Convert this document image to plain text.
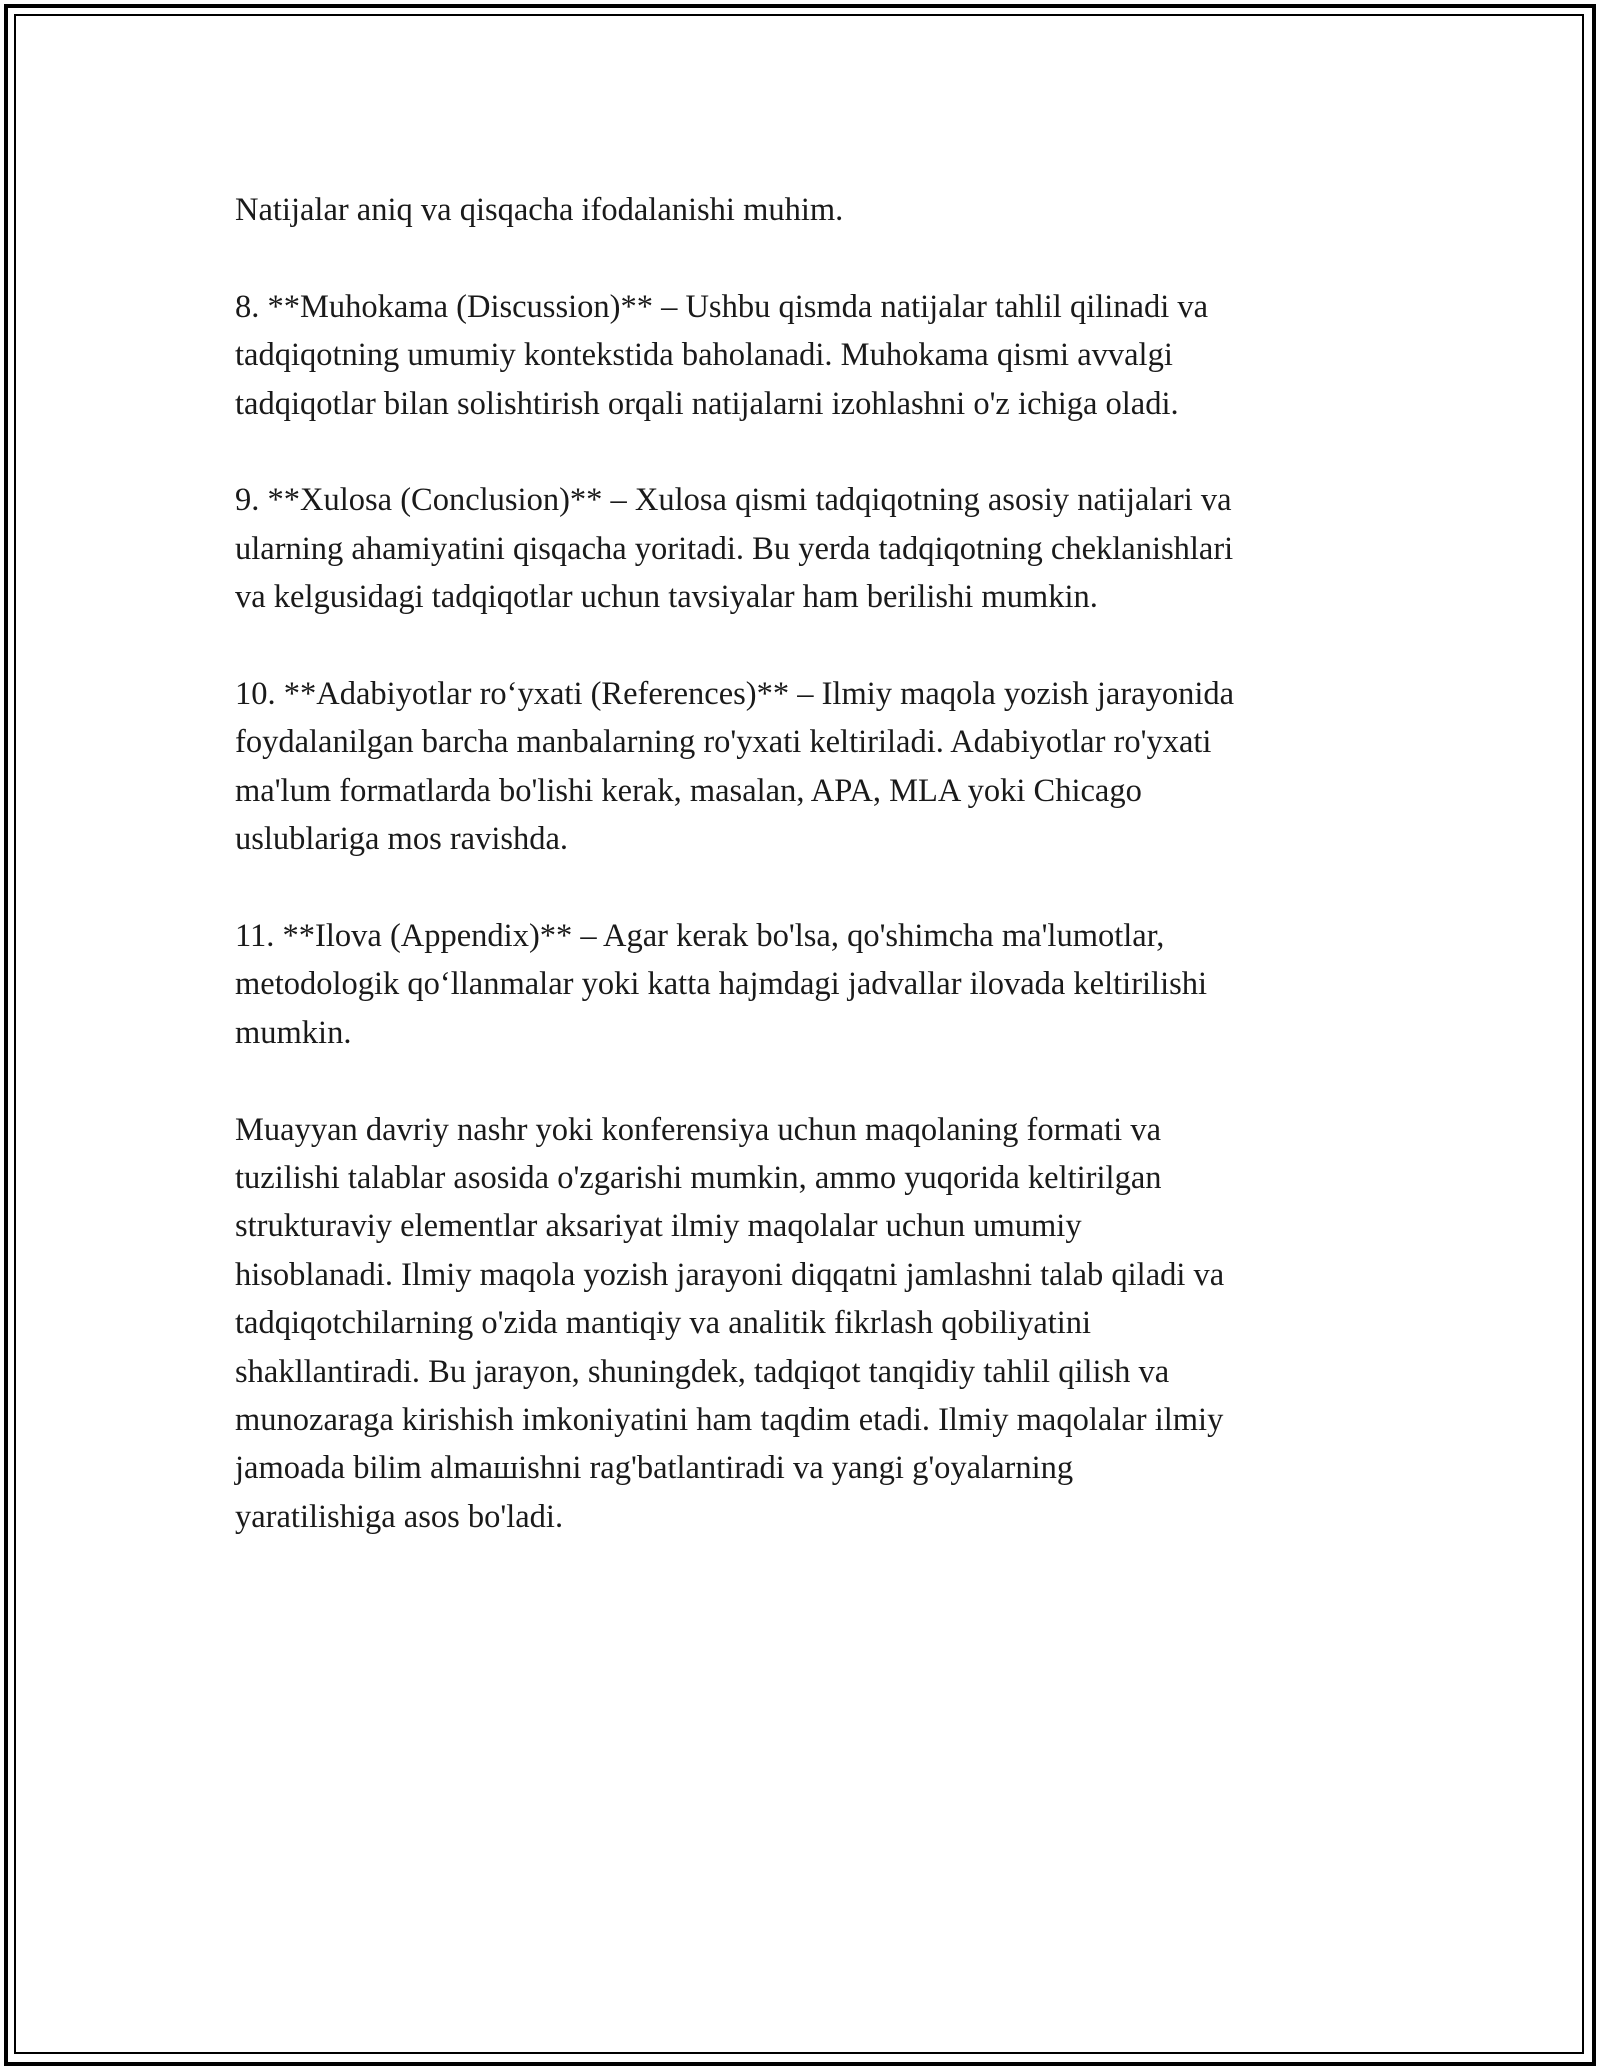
Natijalar aniq va qisqacha ifodalanishi muhim.

8. **Muhokama (Discussion)** – Ushbu qismda natijalar tahlil qilinadi va
tadqiqotning umumiy kontekstida baholanadi. Muhokama qismi avvalgi
tadqiqotlar bilan solishtirish orqali natijalarni izohlashni o'z ichiga oladi.

9. **Xulosa (Conclusion)** – Xulosa qismi tadqiqotning asosiy natijalari va
ularning ahamiyatini qisqacha yoritadi. Bu yerda tadqiqotning cheklanishlari
va kelgusidagi tadqiqotlar uchun tavsiyalar ham berilishi mumkin.

10. **Adabiyotlar roʻyxati (References)** – Ilmiy maqola yozish jarayonida
foydalanilgan barcha manbalarning ro'yxati keltiriladi. Adabiyotlar ro'yxati
ma'lum formatlarda bo'lishi kerak, masalan, APA, MLA yoki Chicago
uslublariga mos ravishda.

11. **Ilova (Appendix)** – Agar kerak bo'lsa, qo'shimcha ma'lumotlar,
metodologik qoʻllanmalar yoki katta hajmdagi jadvallar ilovada keltirilishi
mumkin.

Muayyan davriy nashr yoki konferensiya uchun maqolaning formati va
tuzilishi talablar asosida o'zgarishi mumkin, ammo yuqorida keltirilgan
strukturaviy elementlar aksariyat ilmiy maqolalar uchun umumiy
hisoblanadi. Ilmiy maqola yozish jarayoni diqqatni jamlashni talab qiladi va
tadqiqotchilarning o'zida mantiqiy va analitik fikrlash qobiliyatini
shakllantiradi. Bu jarayon, shuningdek, tadqiqot tanqidiy tahlil qilish va
munozaraga kirishish imkoniyatini ham taqdim etadi. Ilmiy maqolalar ilmiy
jamoada bilim almaшishni rag'batlantiradi va yangi g'oyalarning
yaratilishiga asos bo'ladi.
